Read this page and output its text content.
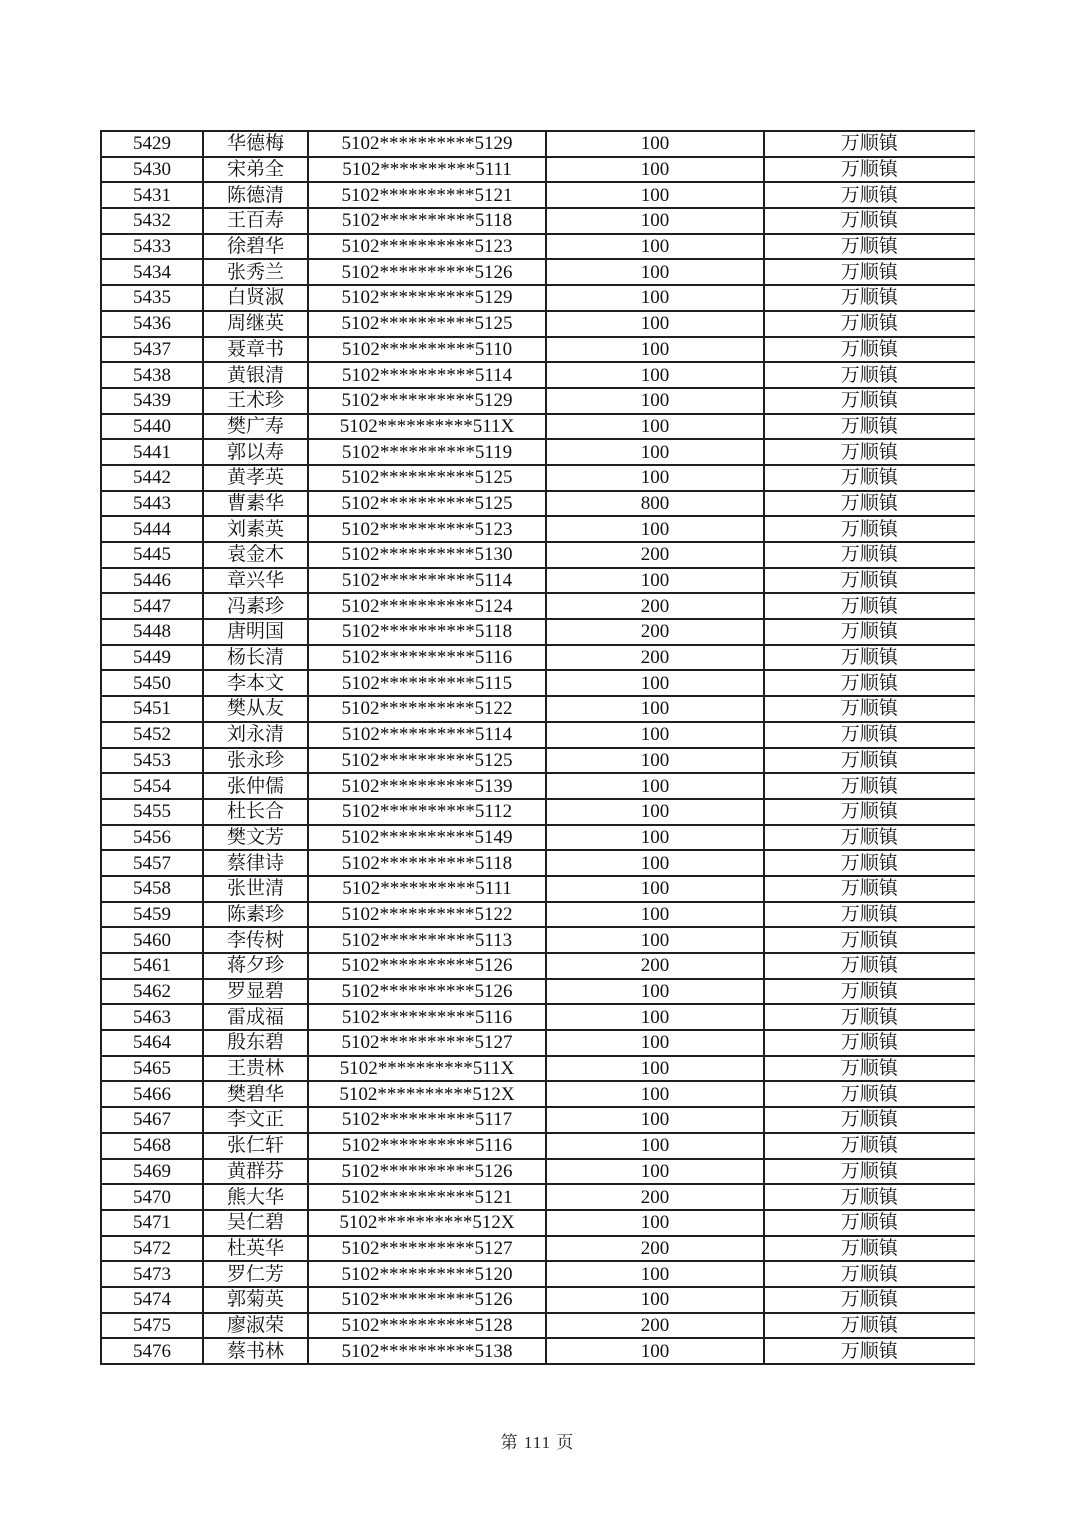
5429	华德梅	5102**********5129	100	万顺镇
5430	宋弟全	5102**********5111	100	万顺镇
5431	陈德清	5102**********5121	100	万顺镇
5432	王百寿	5102**********5118	100	万顺镇
5433	徐碧华	5102**********5123	100	万顺镇
5434	张秀兰	5102**********5126	100	万顺镇
5435	白贤淑	5102**********5129	100	万顺镇
5436	周继英	5102**********5125	100	万顺镇
5437	聂章书	5102**********5110	100	万顺镇
5438	黄银清	5102**********5114	100	万顺镇
5439	王术珍	5102**********5129	100	万顺镇
5440	樊广寿	5102**********511X	100	万顺镇
5441	郭以寿	5102**********5119	100	万顺镇
5442	黄孝英	5102**********5125	100	万顺镇
5443	曹素华	5102**********5125	800	万顺镇
5444	刘素英	5102**********5123	100	万顺镇
5445	袁金木	5102**********5130	200	万顺镇
5446	章兴华	5102**********5114	100	万顺镇
5447	冯素珍	5102**********5124	200	万顺镇
5448	唐明国	5102**********5118	200	万顺镇
5449	杨长清	5102**********5116	200	万顺镇
5450	李本文	5102**********5115	100	万顺镇
5451	樊从友	5102**********5122	100	万顺镇
5452	刘永清	5102**********5114	100	万顺镇
5453	张永珍	5102**********5125	100	万顺镇
5454	张仲儒	5102**********5139	100	万顺镇
5455	杜长合	5102**********5112	100	万顺镇
5456	樊文芳	5102**********5149	100	万顺镇
5457	蔡律诗	5102**********5118	100	万顺镇
5458	张世清	5102**********5111	100	万顺镇
5459	陈素珍	5102**********5122	100	万顺镇
5460	李传树	5102**********5113	100	万顺镇
5461	蒋夕珍	5102**********5126	200	万顺镇
5462	罗显碧	5102**********5126	100	万顺镇
5463	雷成福	5102**********5116	100	万顺镇
5464	殷东碧	5102**********5127	100	万顺镇
5465	王贵林	5102**********511X	100	万顺镇
5466	樊碧华	5102**********512X	100	万顺镇
5467	李文正	5102**********5117	100	万顺镇
5468	张仁轩	5102**********5116	100	万顺镇
5469	黄群芬	5102**********5126	100	万顺镇
5470	熊大华	5102**********5121	200	万顺镇
5471	吴仁碧	5102**********512X	100	万顺镇
5472	杜英华	5102**********5127	200	万顺镇
5473	罗仁芳	5102**********5120	100	万顺镇
5474	郭菊英	5102**********5126	100	万顺镇
5475	廖淑荣	5102**********5128	200	万顺镇
5476	蔡书林	5102**********5138	100	万顺镇
第 111 页
